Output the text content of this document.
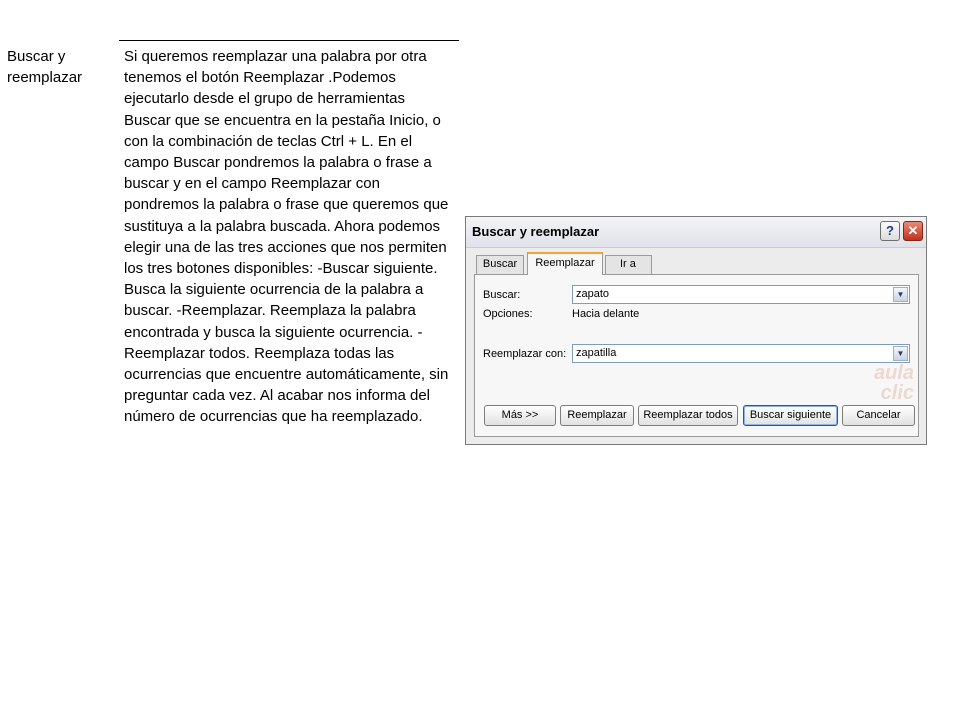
Buscar y reemplazar
Si queremos reemplazar una palabra por otra tenemos el botón Reemplazar .Podemos ejecutarlo desde el grupo de herramientas Buscar que se encuentra en la pestaña Inicio, o con la combinación de teclas Ctrl + L. En el campo Buscar pondremos la palabra o frase a buscar y en el campo Reemplazar con pondremos la palabra o frase que queremos que sustituya a la palabra buscada. Ahora podemos elegir una de las tres acciones que nos permiten los tres botones disponibles: -Buscar siguiente. Busca la siguiente ocurrencia de la palabra a buscar. -Reemplazar. Reemplaza la palabra encontrada y busca la siguiente ocurrencia. -Reemplazar todos. Reemplaza todas las ocurrencias que encuentre automáticamente, sin preguntar cada vez. Al acabar nos informa del número de ocurrencias que ha reemplazado.
Buscar y reemplazar	?	✕
Buscar	Reemplazar	Ir a
Buscar:	zapato	▼
Opciones:	Hacia delante
Reemplazar con: zapatilla	▼
aula
clic
Más >>	Reemplazar	Reemplazar todos	Buscar siguiente	Cancelar
